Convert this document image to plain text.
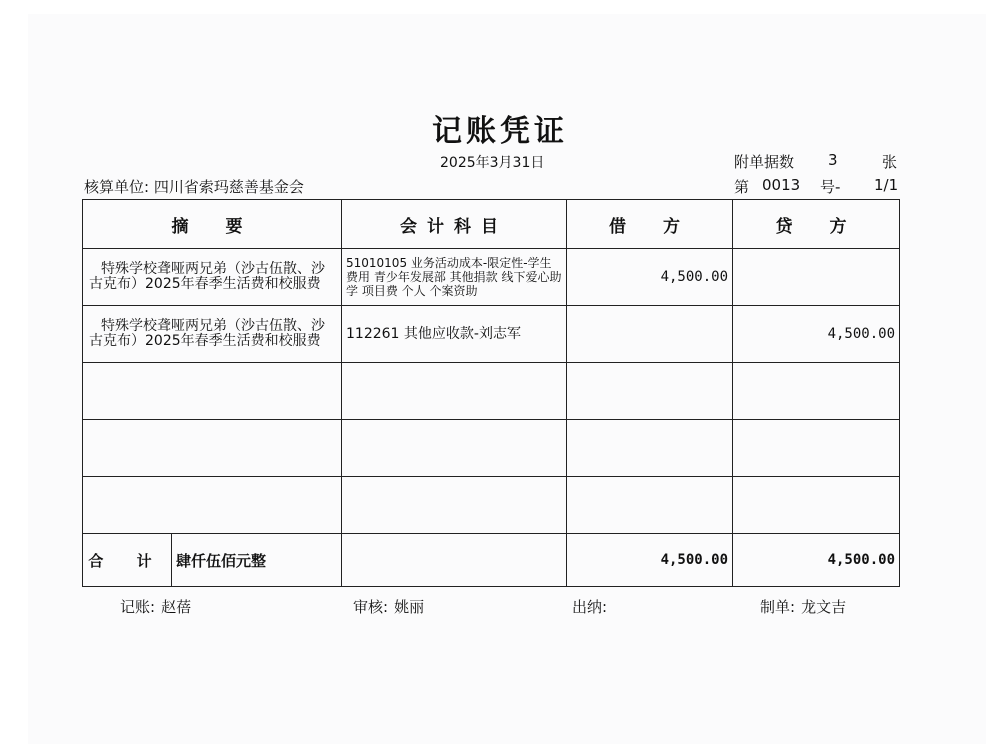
记账凭证
2025年3月31日	附单据数 3	张
核算单位: 四川省索玛慈善基金会	第 0013 号- 1/1
摘　要	会计科目	借　方	贷　方
特殊学校聋哑两兄弟（沙古伍散、沙古克布）2025年春季生活费和校服费	51010105 业务活动成本-限定性-学生费用 青少年发展部 其他捐款 线下爱心助学 项目费 个人 个案资助	4,500.00	
特殊学校聋哑两兄弟（沙古伍散、沙古克布）2025年春季生活费和校服费	112261 其他应收款-刘志军		4,500.00

合 计 肆仟伍佰元整		4,500.00	4,500.00
记账: 赵蓓	审核: 姚丽	出纳:	制单: 龙文吉
